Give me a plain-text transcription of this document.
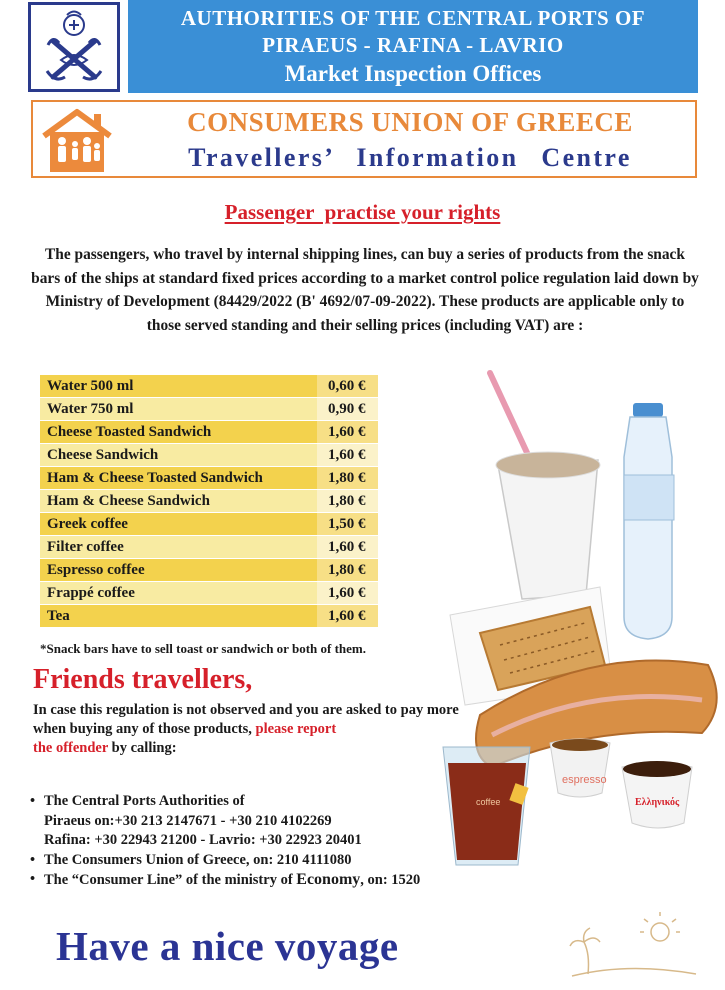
AUTHORITIES OF THE CENTRAL PORTS OF
PIRAEUS - RAFINA - LAVRIO
Market Inspection Offices
CONSUMERS UNION OF GREECE
Travellers’ Information Centre
Passenger  practise your rights
The passengers, who travel by internal shipping lines, can buy a series of products from the snack bars of the ships at standard fixed prices according to a market control police regulation laid down by Ministry of Development (84429/2022 (B' 4692/07-09-2022). These products are applicable only to those served standing and their selling prices (including VAT) are :
Water 500 ml	0,60 €
Water 750 ml	0,90 €
Cheese Toasted Sandwich	1,60 €
Cheese Sandwich	1,60 €
Ham & Cheese Toasted Sandwich	1,80 €
Ham & Cheese Sandwich	1,80 €
Greek coffee	1,50 €
Filter coffee	1,60 €
Espresso coffee	1,80 €
Frappé coffee	1,60 €
Tea	1,60 €
*Snack bars have to sell toast or sandwich or both of them.
Friends travellers,
In case this regulation is not observed and you are asked to pay more when buying any of those products, please report
the offender by calling:
• The Central Ports Authorities of
Piraeus on:+30 213 2147671 - +30 210 4102269
Rafina: +30 22943 21200 - Lavrio: +30 22923 20401
• The Consumers Union of Greece, on: 210 4111080
• The “Consumer Line” of the ministry of Economy, on: 1520
Have a nice voyage
coffee
espresso
Ελληνικός
